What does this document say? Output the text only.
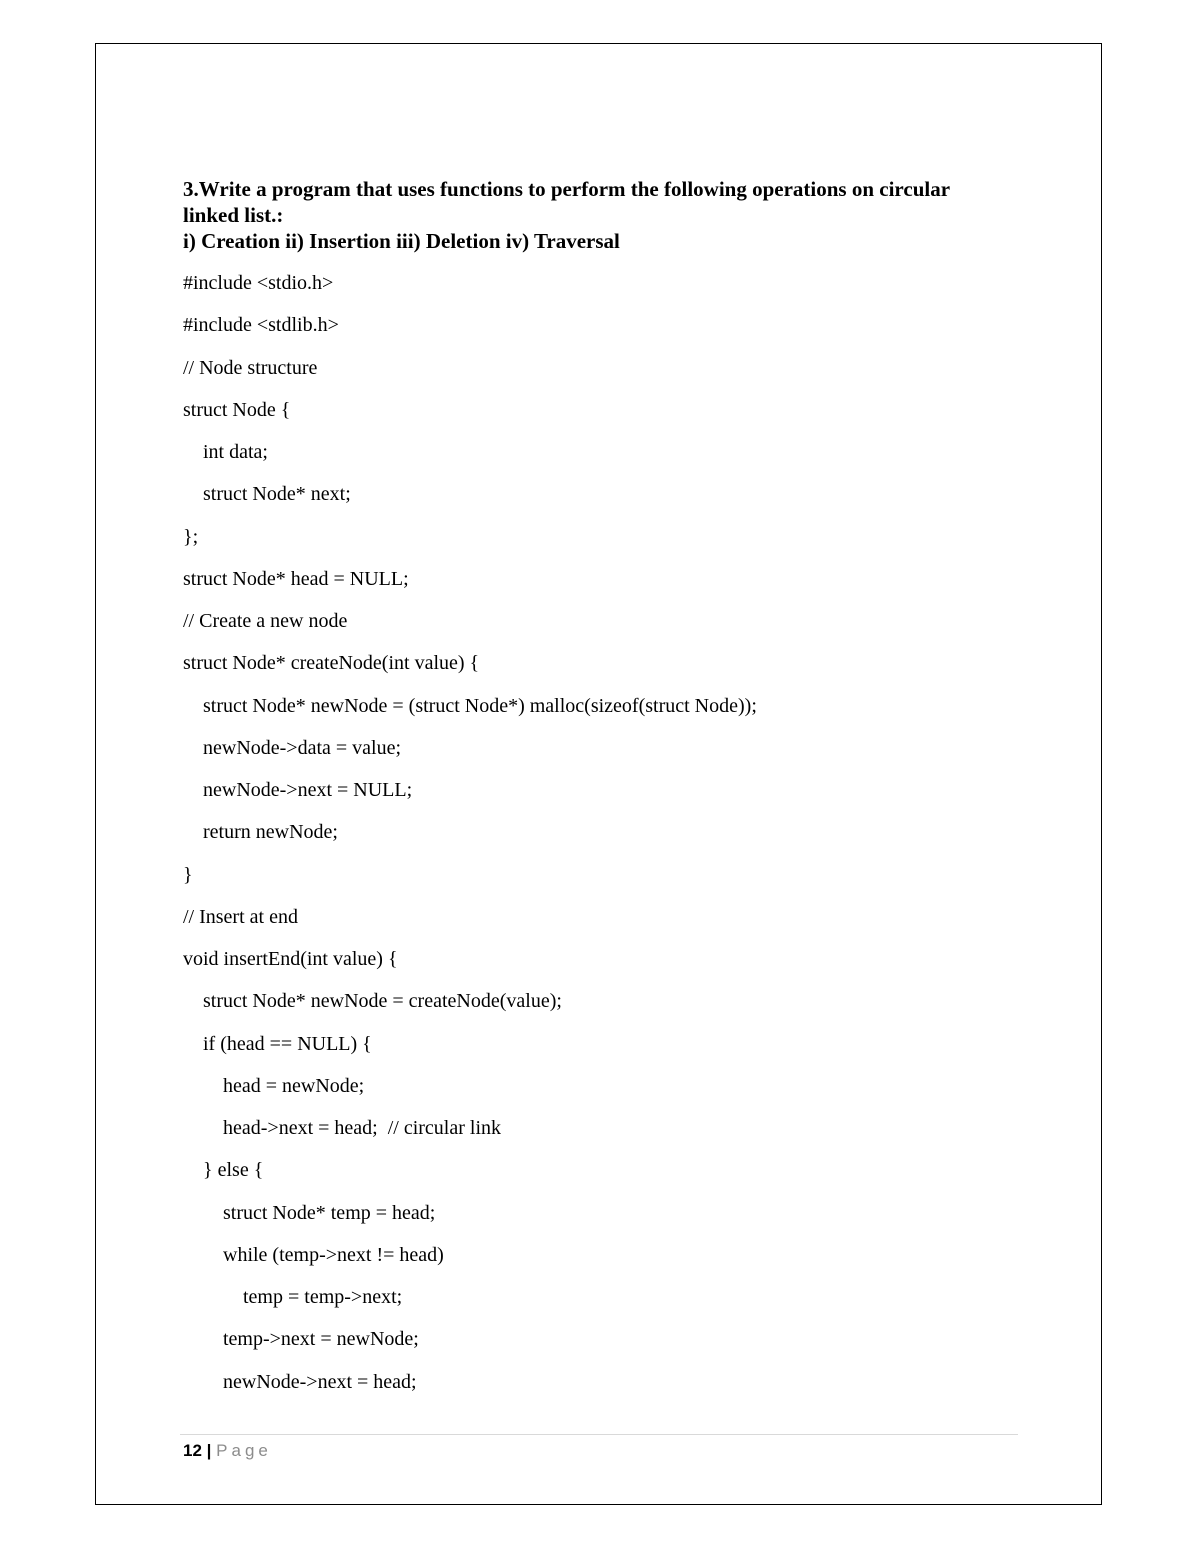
3.Write a program that uses functions to perform the following operations on circular
linked list.:
i) Creation ii) Insertion iii) Deletion iv) Traversal
#include <stdio.h>
#include <stdlib.h>
// Node structure
struct Node {
int data;
struct Node* next;
};
struct Node* head = NULL;
// Create a new node
struct Node* createNode(int value) {
struct Node* newNode = (struct Node*) malloc(sizeof(struct Node));
newNode->data = value;
newNode->next = NULL;
return newNode;
}
// Insert at end
void insertEnd(int value) {
struct Node* newNode = createNode(value);
if (head == NULL) {
head = newNode;
head->next = head;  // circular link
} else {
struct Node* temp = head;
while (temp->next != head)
temp = temp->next;
temp->next = newNode;
newNode->next = head;
12 | Page
